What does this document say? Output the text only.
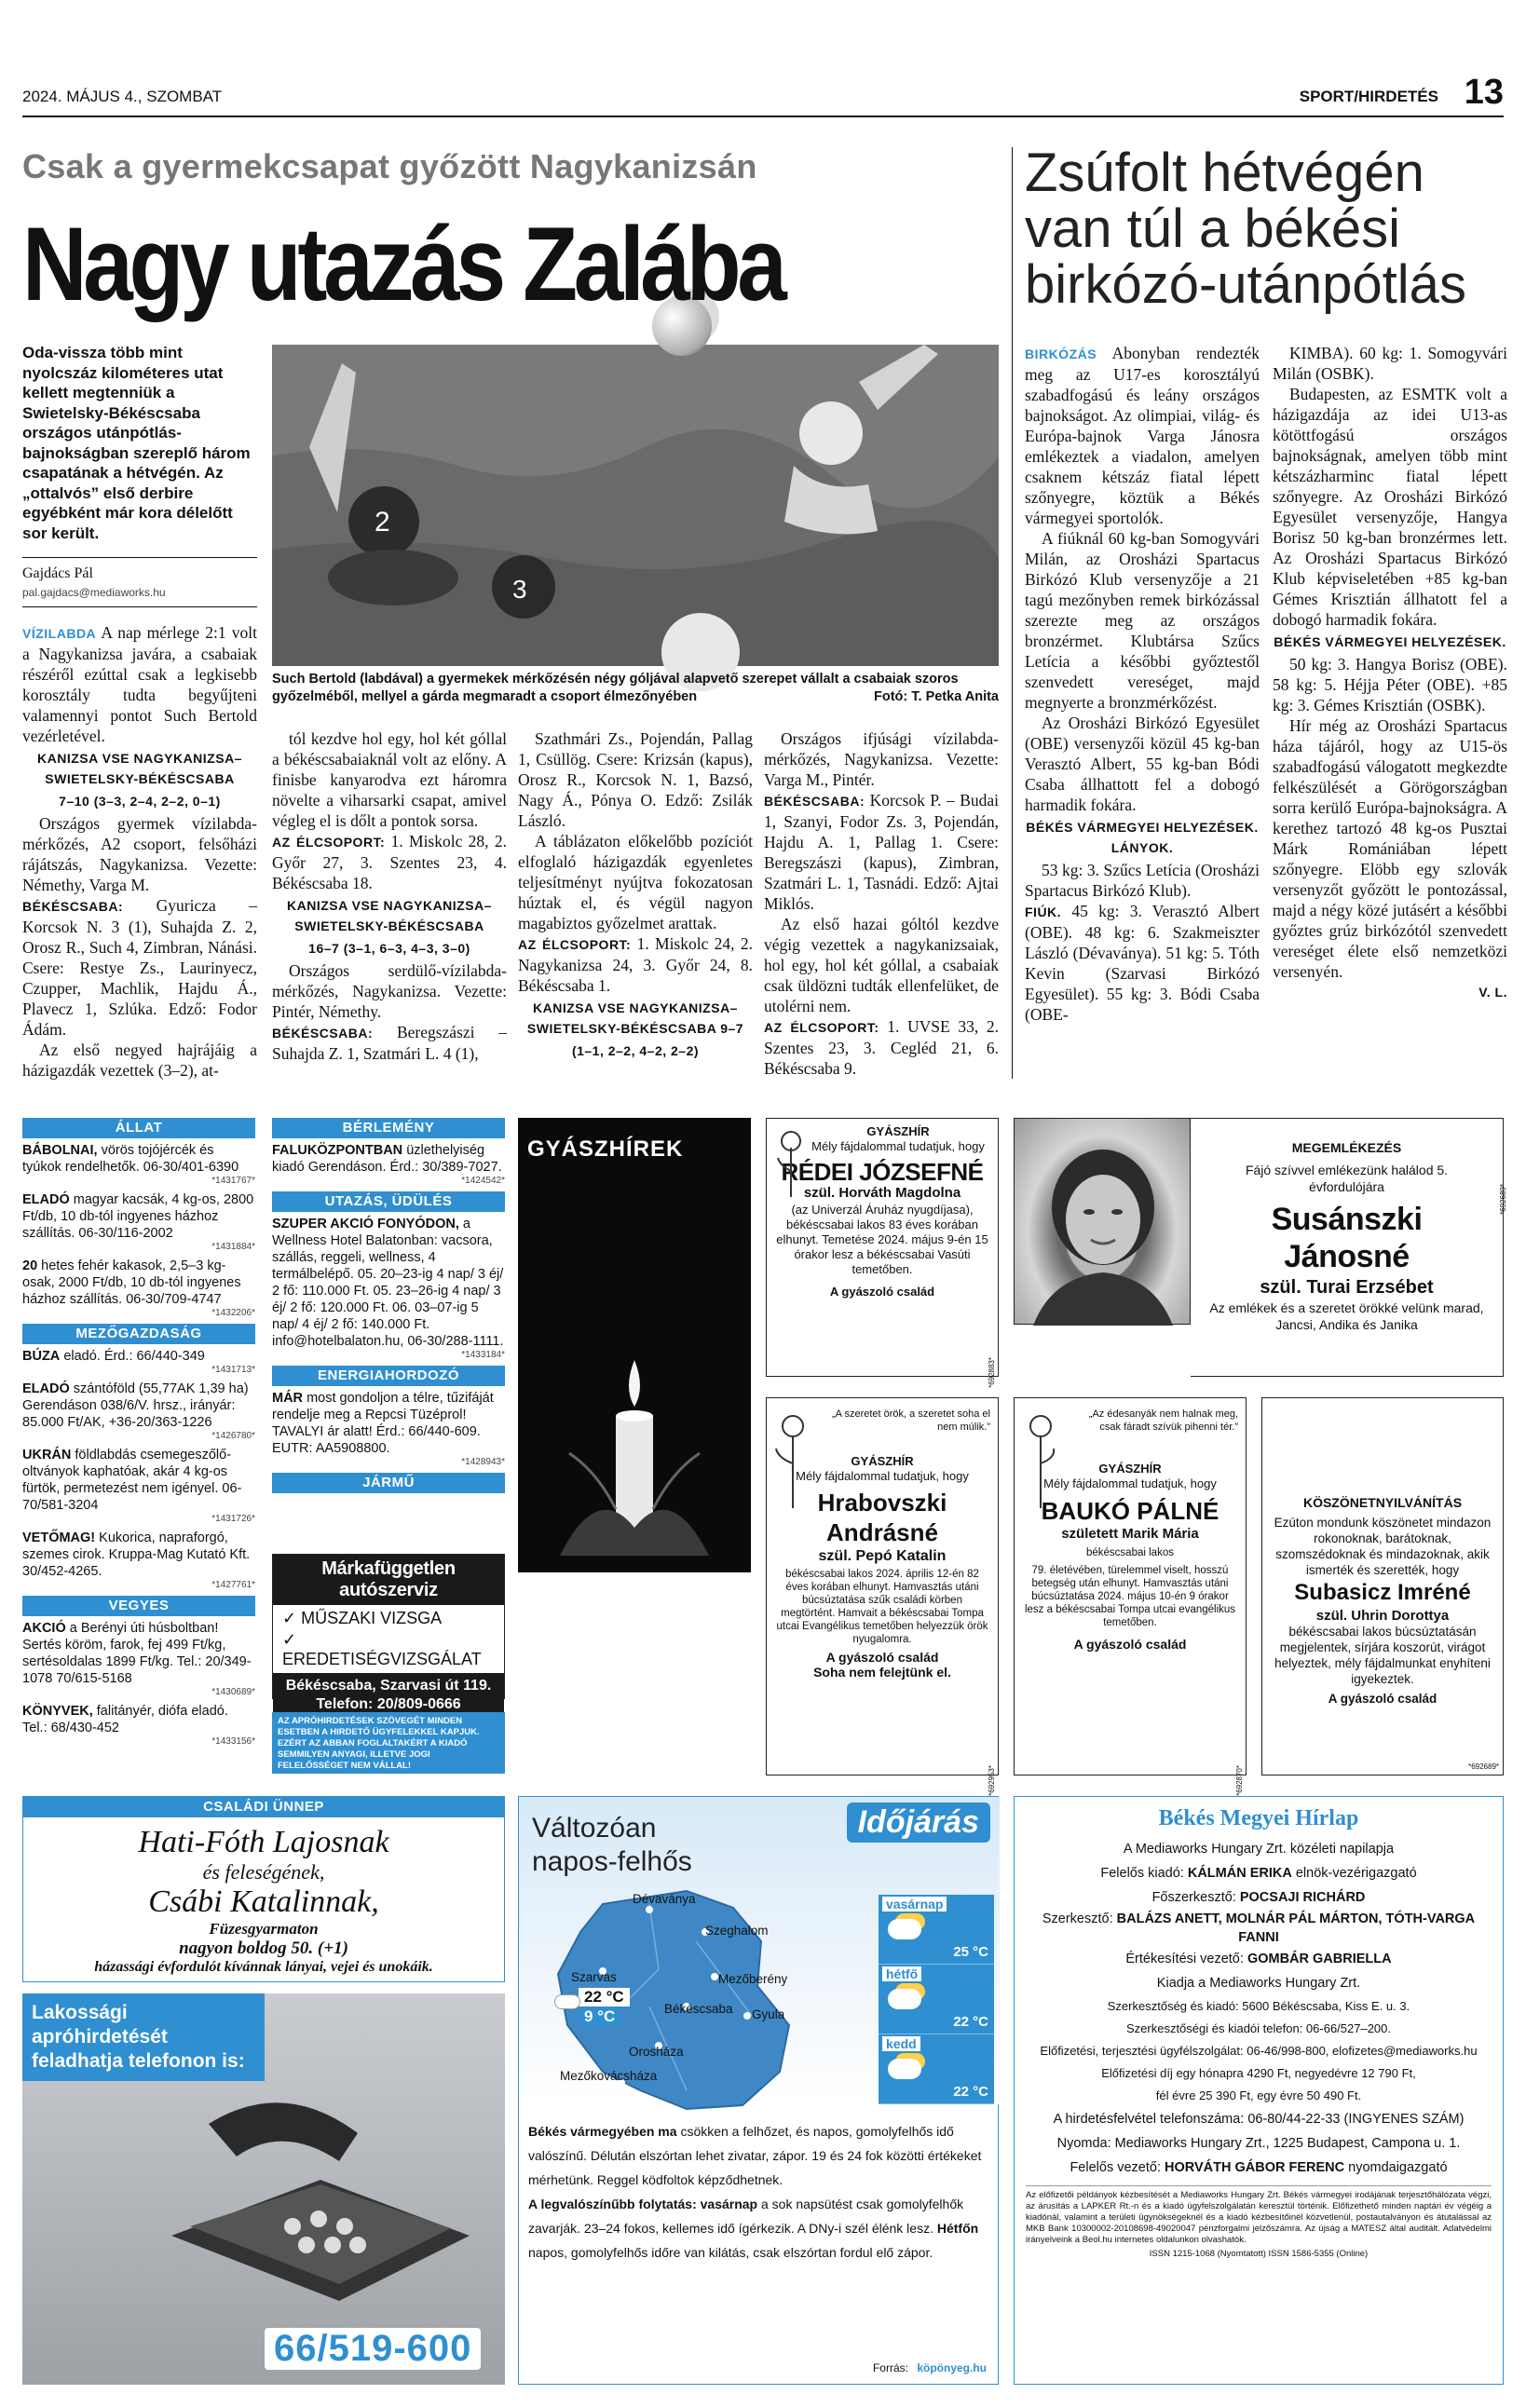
2024. MÁJUS 4., SZOMBAT	SPORT/HIRDETÉS 13
Csak a gyermekcsapat győzött Nagykanizsán
Nagy utazás Zalába
2
3
Such Bertold (labdával) a gyermekek mérkőzésén négy góljával alapvető szerepet vállalt a csabaiak szoros győzelméből, mellyel a gárda megmaradt a csoport élmezőnyében	Fotó: T. Petka Anita
Oda-vissza több mint nyolcszáz kilométeres utat kellett megtenniük a Swietelsky-Békéscsaba országos utánpótlás-bajnokságban szereplő három csapatának a hétvégén. Az „ottalvós” első derbire egyébként már kora délelőtt sor került.
Gajdács Pál
pal.gajdacs@mediaworks.hu

VÍZILABDA A nap mérlege 2:1 volt a Nagykanizsa javára, a csabaiak részéről ezúttal csak a legkisebb korosztály tudta begyűjteni valamennyi pontot Such Bertold vezérletével.

KANIZSA VSE NAGYKANIZSA– SWIETELSKY-BÉKÉSCSABA
7–10 (3–3, 2–4, 2–2, 0–1)

Országos gyermek vízilabda-mérkőzés, A2 csoport, felsőházi rájátszás, Nagykanizsa. Vezette: Némethy, Varga M.

BÉKÉSCSABA: Gyuricza – Korcsok N. 3 (1), Suhajda Z. 2, Orosz R., Such 4, Zimbran, Nánási. Csere: Restye Zs., Laurinyecz, Czupper, Machlik, Hajdu Á., Plavecz 1, Szlúka. Edző: Fodor Ádám.

Az első negyed hajrájáig a házigazdák vezettek (3–2), at-

tól kezdve hol egy, hol két góllal a békéscsabaiaknál volt az előny. A finisbe kanyarodva ezt háromra növelte a viharsarki csapat, amivel végleg el is dőlt a pontok sorsa.

AZ ÉLCSOPORT: 1. Miskolc 28, 2. Győr 27, 3. Szentes 23, 4. Békéscsaba 18.

KANIZSA VSE NAGYKANIZSA– SWIETELSKY-BÉKÉSCSABA
16–7 (3–1, 6–3, 4–3, 3–0)

Országos serdülő-vízilabda-mérkőzés, Nagykanizsa. Vezette: Pintér, Némethy.

BÉKÉSCSABA: Beregszászi – Suhajda Z. 1, Szatmári L. 4 (1),

Szathmári Zs., Pojendán, Pallag 1, Csüllög. Csere: Krizsán (kapus), Orosz R., Korcsok N. 1, Bazsó, Nagy Á., Pónya O. Edző: Zsilák László.

A táblázaton előkelőbb pozíciót elfoglaló házigazdák egyenletes teljesítményt nyújtva fokozatosan húztak el, és végül nagyon magabiztos győzelmet arattak.

AZ ÉLCSOPORT: 1. Miskolc 24, 2. Nagykanizsa 24, 3. Győr 24, 8. Békéscsaba 1.

KANIZSA VSE NAGYKANIZSA– SWIETELSKY-BÉKÉSCSABA 9–7
(1–1, 2–2, 4–2, 2–2)

Országos ifjúsági vízilabda-mérkőzés, Nagykanizsa. Vezette: Varga M., Pintér.

BÉKÉSCSABA: Korcsok P. – Budai 1, Szanyi, Fodor Zs. 3, Pojendán, Hajdu A. 1, Pallag 1. Csere: Beregszászi (kapus), Zimbran, Szatmári L. 1, Tasnádi. Edző: Ajtai Miklós.

Az első hazai góltól kezdve végig vezettek a nagykanizsaiak, hol egy, hol két góllal, a csabaiak csak üldözni tudták ellenfelüket, de utolérni nem.

AZ ÉLCSOPORT: 1. UVSE 33, 2. Szentes 23, 3. Cegléd 21, 6. Békéscsaba 9.

Zsúfolt hétvégén van túl a békési birkózó-utánpótlás

BIRKÓZÁS Abonyban rendezték meg az U17-es korosztályú szabadfogású és leány országos bajnokságot. Az olimpiai, világ- és Európa-bajnok Varga Jánosra emlékeztek a viadalon, amelyen csaknem kétszáz fiatal lépett szőnyegre, köztük a Békés vármegyei sportolók.

A fiúknál 60 kg-ban Somogyvári Milán, az Orosházi Spartacus Birkózó Klub versenyzője a 21 tagú mezőnyben remek birkózással szerezte meg az országos bronzérmet. Klubtársa Szűcs Letícia a későbbi győztestől szenvedett vereséget, majd megnyerte a bronzmérkőzést.

Az Orosházi Birkózó Egyesület (OBE) versenyzői közül 45 kg-ban Verasztó Albert, 55 kg-ban Bódi Csaba állhattott fel a dobogó harmadik fokára.

BÉKÉS VÁRMEGYEI HELYEZÉSEK. LÁNYOK.

53 kg: 3. Szűcs Letícia (Orosházi Spartacus Birkózó Klub).

FIÚK. 45 kg: 3. Verasztó Albert (OBE). 48 kg: 6. Szakmeiszter László (Dévaványa). 51 kg: 5. Tóth Kevin (Szarvasi Birkózó Egyesület). 55 kg: 3. Bódi Csaba (OBE-

KIMBA). 60 kg: 1. Somogyvári Milán (OSBK).

Budapesten, az ESMTK volt a házigazdája az idei U13-as kötöttfogású országos bajnokságnak, amelyen több mint kétszázharminc fiatal lépett szőnyegre. Az Orosházi Birkózó Egyesület versenyzője, Hangya Borisz 50 kg-ban bronzérmes lett. Az Orosházi Spartacus Birkózó Klub képviseletében +85 kg-ban Gémes Krisztián állhatott fel a dobogó harmadik fokára.

BÉKÉS VÁRMEGYEI HELYEZÉSEK.

50 kg: 3. Hangya Borisz (OBE). 58 kg: 5. Héjja Péter (OBE). +85 kg: 3. Gémes Krisztián (OSBK).

Hír még az Orosházi Spartacus háza tájáról, hogy az U15-ös szabadfogású válogatott megkezdte felkészülését a Görögországban sorra kerülő Európa-bajnokságra. A kerethez tartozó 48 kg-os Pusztai Márk Romániában lépett szőnyegre. Elöbb egy szlovák versenyzőt győzött le pontozással, majd a négy közé jutásért a későbbi győztes grúz birkózótól szenvedett vereséget élete első nemzetközi versenyén.

V. L.
ÁLLAT

BÁBOLNAI, vörös tojójércék és tyúkok rendelhetők. 06-30/401-6390

*1431767*

ELADÓ magyar kacsák, 4 kg-os, 2800 Ft/db, 10 db-tól ingyenes házhoz szállítás. 06-30/116-2002

*1431884*

20 hetes fehér kakasok, 2,5–3 kg-osak, 2000 Ft/db, 10 db-tól ingyenes házhoz szállítás. 06-30/709-4747

*1432206*
MEZŐGAZDASÁG

BÚZA eladó. Érd.: 66/440-349

*1431713*

ELADÓ szántóföld (55,77AK 1,39 ha) Gerendáson 038/6/V. hrsz., irányár: 85.000 Ft/AK, +36-20/363-1226

*1426780*

UKRÁN földlabdás csemegeszőlő-oltványok kaphatóak, akár 4 kg-os fürtök, permetezést nem igényel. 06-70/581-3204

*1431726*

VETŐMAG! Kukorica, napraforgó, szemes cirok. Kruppa-Mag Kutató Kft. 30/452-4265.

*1427761*
VEGYES

AKCIÓ a Berényi úti húsboltban! Sertés köröm, farok, fej 499 Ft/kg, sertésoldalas 1899 Ft/kg. Tel.: 20/349-1078 70/615-5168

*1430689*

KÖNYVEK, falitányér, diófa eladó. Tel.: 68/430-452

*1433156*
BÉRLEMÉNY

FALUKÖZPONTBAN üzlethelyiség kiadó Gerendáson. Érd.: 30/389-7027.

*1424542*
UTAZÁS, ÜDÜLÉS

SZUPER AKCIÓ FONYÓDON, a Wellness Hotel Balatonban: vacsora, szállás, reggeli, wellness, 4 termálbelépő. 05. 20–23-ig 4 nap/ 3 éj/ 2 fő: 110.000 Ft. 05. 23–26-ig 4 nap/ 3 éj/ 2 fő: 120.000 Ft. 06. 03–07-ig 5 nap/ 4 éj/ 2 fő: 140.000 Ft. info@hotelbalaton.hu, 06-30/288-1111.

*1433184*
ENERGIAHORDOZÓ

MÁR most gondoljon a télre, tűzifáját rendelje meg a Repcsi Tüzéprol! TAVALYI ár alatt! Érd.: 66/440-609. EUTR: AA5908800.

*1428943*
JÁRMŰ
Márkafüggetlen autószerviz
✓ MŰSZAKI VIZSGA
✓ EREDETISÉGVIZSGÁLAT
Békéscsaba, Szarvasi út 119.
Telefon: 20/809-0666
AZ APRÓHIRDETÉSEK SZÖVEGÉT MINDEN ESETBEN A HIRDETŐ ÜGYFELEKKEL KAPJUK. EZÉRT AZ ABBAN FOGLALTAKÉRT A KIADÓ SEMMILYEN ANYAGI, ILLETVE JOGI FELELŐSSÉGET NEM VÁLLAL!
CSALÁDI ÜNNEP
Hati-Fóth Lajosnak
és feleségének,
Csábi Katalinnak,
Füzesgyarmaton
nagyon boldog 50. (+1)
házassági évfordulót kívánnak lányai, vejei és unokáik.
Lakossági apróhirdetését feladhatja telefonon is:
66/519-600
GYÁSZHÍREK
GYÁSZHÍR
Mély fájdalommal tudatjuk, hogy
RÉDEI JÓZSEFNÉ
szül. Horváth Magdolna
(az Univerzál Áruház nyugdíjasa), békéscsabai lakos 83 éves korában elhunyt. Temetése 2024. május 9-én 15 órakor lesz a békéscsabai Vasúti temetőben.
A gyászoló család
*692883*
MEGEMLÉKEZÉS
Fájó szívvel emlékezünk halálod 5. évfordulójára
Susánszki
Jánosné
szül. Turai Erzsébet
Az emlékek és a szeretet örökké velünk marad, Jancsi, Andika és Janika
*692689*
„A szeretet örök, a szeretet soha el nem múlik.”
GYÁSZHÍR
Mély fájdalommal tudatjuk, hogy
Hrabovszki
Andrásné
szül. Pepó Katalin
békéscsabai lakos 2024. április 12-én 82 éves korában elhunyt. Hamvasztás utáni búcsúztatása szűk családi körben megtörtént. Hamvait a békéscsabai Tompa utcai Evangélikus temetőben helyezzük örök nyugalomra.
A gyászoló család
Soha nem felejtünk el.
*692953*
„Az édesanyák nem halnak meg, csak fáradt szívük pihenni tér.”
GYÁSZHÍR
Mély fájdalommal tudatjuk, hogy
BAUKÓ PÁLNÉ
született Marik Mária
békéscsabai lakos
79. életévében, türelemmel viselt, hosszú betegség után elhunyt. Hamvasztás utáni búcsúztatása 2024. május 10-én 9 órakor lesz a békéscsabai Tompa utcai evangélikus temetőben.
A gyászoló család
*692870*
KÖSZÖNETNYILVÁNÍTÁS
Ezúton mondunk köszönetet mindazon rokonoknak, barátoknak, szomszédoknak és mindazoknak, akik ismerték és szerették, hogy
Subasicz Imréné
szül. Uhrin Dorottya
békéscsabai lakos búcsúztatásán megjelentek, sírjára koszorút, virágot helyeztek, mély fájdalmunkat enyhíteni igyekeztek.
A gyászoló család
*692689*
Időjárás
Változóan napos-felhős
Dévaványa
Szeghalom
Szarvas	Mezőberény
Békéscsaba Gyula
Orosháza
Mezőkovácsháza
22 °C
9 °C
vasárnap
25 °C
hétfő
22 °C
kedd
22 °C
Békés vármegyében ma csökken a felhőzet, és napos, gomolyfelhős idő valószínű. Délután elszórtan lehet zivatar, zápor. 19 és 24 fok közötti értékeket mérhetünk. Reggel ködfoltok képződhetnek.
A legvalószínűbb folytatás: vasárnap a sok napsütést csak gomolyfelhők zavarják. 23–24 fokos, kellemes idő ígérkezik. A DNy-i szél élénk lesz. Hétfőn napos, gomolyfelhős időre van kilátás, csak elszórtan fordul elő zápor.
Forrás: köpönyeg.hu
Békés Megyei Hírlap
A Mediaworks Hungary Zrt. közéleti napilapja
Felelős kiadó: KÁLMÁN ERIKA elnök-vezérigazgató
Főszerkesztő: POCSAJI RICHÁRD
Szerkesztő: BALÁZS ANETT, MOLNÁR PÁL MÁRTON, TÓTH-VARGA FANNI
Értékesítési vezető: GOMBÁR GABRIELLA
Kiadja a Mediaworks Hungary Zrt.
Szerkesztőség és kiadó: 5600 Békéscsaba, Kiss E. u. 3.
Szerkesztőségi és kiadói telefon: 06-66/527–200.
Előfizetési, terjesztési ügyfélszolgálat: 06-46/998-800, elofizetes@mediaworks.hu
Előfizetési díj egy hónapra 4290 Ft, negyedévre 12 790 Ft,
fél évre 25 390 Ft, egy évre 50 490 Ft.
A hirdetésfelvétel telefonszáma: 06-80/44-22-33 (INGYENES SZÁM)
Nyomda: Mediaworks Hungary Zrt., 1225 Budapest, Campona u. 1.
Felelős vezető: HORVÁTH GÁBOR FERENC nyomdaigazgató
Az előfizetői példányok kézbesítését a Mediaworks Hungary Zrt. Békés vármegyei irodájának terjesztőhálózata végzi, az árusítás a LAPKER Rt.-n és a kiadó ügyfelszolgálatán keresztül történik. Előfizethető minden naptári év végéig a kiadónál, valamint a területi ügynökségeknél és a kiadó kézbesítőinél közvetlenül, postautalványon és átutalással az MKB Bank 10300002-20108698-49020047 pénzforgalmi jelzőszámra. Az újság a MATESZ által auditált. Adatvédelmi irányelveink a Beol.hu internetes oldalunkon olvashatók.
ISSN 1215-1068 (Nyomtatott) ISSN 1586-5355 (Online)
